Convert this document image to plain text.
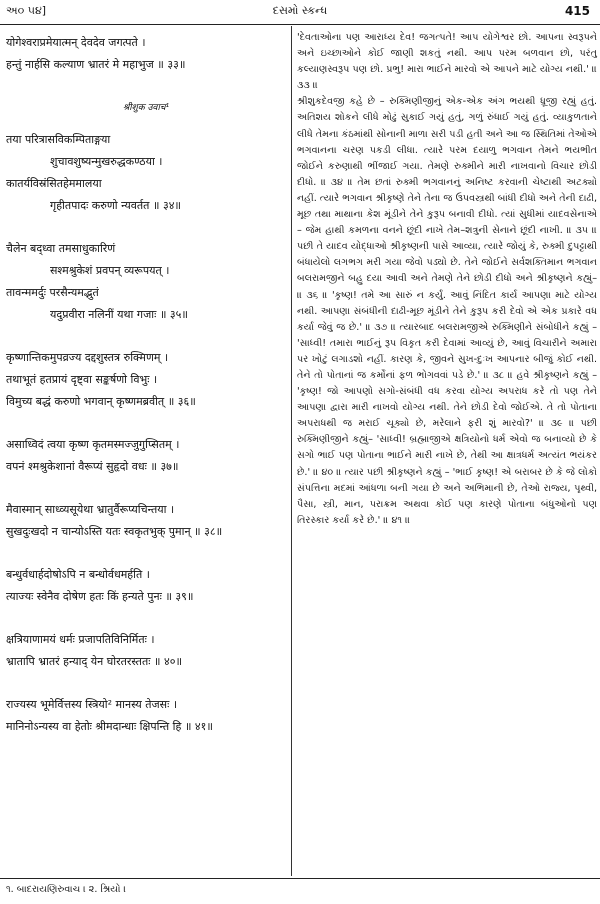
અ૦ ૫૪]	દસમો સ્કન્ધ	415
योगेश्वराप्रमेयात्मन् देवदेव जगत्पते ।
हन्तुं नार्हसि कल्याण भ्रातरं मे महाभुज ॥ ३३॥
श्रीशुक उवाच¹
तया परित्रासविकम्पिताङ्गया
शुचावशुष्यन्मुखरुद्धकण्ठया ।
कातर्यविस्रंसितहेममालया
गृहीतपादः करुणो न्यवर्तत ॥ ३४॥
चैलेन बद्ध्वा तमसाधुकारिणं
सश्मश्रुकेशं प्रवपन् व्यरूपयत् ।
तावन्ममर्दुः परसैन्यमद्भुतं
यदुप्रवीरा नलिनीं यथा गजाः ॥ ३५॥
कृष्णान्तिकमुपव्रज्य दद्दशुस्तत्र रुक्मिणम् ।
तथाभूतं हतप्रायं दृष्ट्वा सङ्कर्षणो विभुः ।
विमुच्य बद्धं करुणो भगवान् कृष्णमब्रवीत् ॥ ३६॥
असाध्विदं त्वया कृष्ण कृतमस्मज्जुगुप्सितम् ।
वपनं श्मश्रुकेशानां वैरूप्यं सुहृदो वधः ॥ ३७॥
मैवास्मान् साध्व्यसूयेथा भ्रातुर्वैरूप्यचिन्तया ।
सुखदुःखदो न चान्योऽस्ति यतः स्वकृतभुक् पुमान् ॥ ३८॥
बन्धुर्वधार्हदोषोऽपि न बन्धोर्वधमर्हति ।
त्याज्यः स्वेनैव दोषेण हतः किं हन्यते पुनः ॥ ३९॥
क्षत्रियाणामयं धर्मः प्रजापतिविनिर्मितः ।
भ्रातापि भ्रातरं हन्याद् येन घोरतरस्ततः ॥ ४०॥
राज्यस्य भूमेर्वित्तस्य स्त्रियो² मानस्य तेजसः ।
मानिनोऽन्यस्य वा हेतोः श्रीमदान्धाः क्षिपन्ति हि ॥ ४१॥

'દેવતાઓના પણ આરાધ્ય દેવ! જગત્પતે! આપ યોગેશ્વર છો. આપના સ્વરૂપને અને ઇચ્છાઓને કોઈ જાણી શકતું નથી. આપ પરમ બળવાન છો, પરંતુ કલ્યાણસ્વરૂપ પણ છો. પ્રભુ! મારા ભાઈને મારવો એ આપને માટે યોગ્ય નથી.' ॥ ૩૩ ॥

શ્રીશુકદેવજી કહે છે – રુક્મિણીજીનું એક-એક અંગ ભયથી ધ્રૂજી રહ્યું હતું. અતિશય શોકને લીધે મોઢું સુકાઈ ગયું હતું, ગળું રુંધાઈ ગયું હતું. વ્યાકુળતાને લીધે તેમના કંઠમાંથી સોનાની માળા સરી પડી હતી અને આ જ સ્થિતિમાં તેઓએ ભગવાનના ચરણ પકડી લીધા. ત્યારે પરમ દયાળુ ભગવાન તેમને ભયભીત જોઈને કરુણાથી ભીંજાઈ ગયા. તેમણે રુક્મીને મારી નાખવાનો વિચાર છોડી દીધો. ॥ ૩૪ ॥ તેમ છતાં રુક્મી ભગવાનનું અનિષ્ટ કરવાની ચેષ્ટાથી અટક્યો નહીં. ત્યારે ભગવાન શ્રીકૃષ્ણે તેને તેના જ ઉપવસ્ત્રથી બાંધી દીધો અને તેની દાઢી, મૂછ તથા માથાના કેશ મૂંડીને તેને કુરૂપ બનાવી દીધો. ત્યાં સુધીમાં યાદવસેનાએ – જેમ હાથી કમળના વનને છૂંદી નાખે તેમ–શત્રુની સેનાને છૂંદી નાખી. ॥ ૩૫ ॥ પછી તે યાદવ યોદ્ધાઓ શ્રીકૃષ્ણની પાસે આવ્યા, ત્યારે જોયું કે, રુક્મી દુપટ્ટાથી બંધાયેલો લગભગ મરી ગયા જેવો પડ્યો છે. તેને જોઈને સર્વશક્તિમાન ભગવાન બલરામજીને બહુ દયા આવી અને તેમણે તેને છોડી દીધો અને શ્રીકૃષ્ણને કહ્યું– ॥ ૩૬ ॥ 'કૃષ્ણ! તમે આ સારું ન કર્યું. આવું નિંદિત કાર્ય આપણા માટે યોગ્ય નથી. આપણા સંબંધીની દાઢી-મૂછ મૂંડીને તેને કુરૂપ કરી દેવો એ એક પ્રકારે વધ કર્યા જેવું જ છે.' ॥ ૩૭ ॥ ત્યારબાદ બલરામજીએ રુક્મિણીને સંબોધીને કહ્યું – 'સાધ્વી! તમારા ભાઈનું રૂપ વિકૃત કરી દેવામાં આવ્યું છે, આવું વિચારીને અમારા પર ખોટું લગાડશો નહીં. કારણ કે, જીવને સુખ-દુઃખ આપનાર બીજું કોઈ નથી. તેને તો પોતાનાં જ કર્મોનાં ફળ ભોગવવાં પડે છે.' ॥ ૩૮ ॥ હવે શ્રીકૃષ્ણને કહ્યું – 'કૃષ્ણ! જો આપણો સગો-સંબંધી વધ કરવા યોગ્ય અપરાધ કરે તો પણ તેને આપણા દ્વારા મારી નાખવો યોગ્ય નથી. તેને છોડી દેવો જોઈએ. તે તો પોતાના અપરાધથી જ મરાઈ ચૂક્યો છે, મરેલાને ફરી શું મારવો?' ॥ ૩૯ ॥ પછી રુક્મિણીજીને કહ્યું– 'સાધ્વી! બ્રહ્માજીએ ક્ષત્રિયોનો ધર્મ એવો જ બનાવ્યો છે કે સગો ભાઈ પણ પોતાના ભાઈને મારી નાખે છે, તેથી આ ક્ષાત્રધર્મ અત્યંત ભયંકર છે.' ॥ ૪૦ ॥ ત્યાર પછી શ્રીકૃષ્ણને કહ્યું – 'ભાઈ કૃષ્ણ! એ બરાબર છે કે જે લોકો સંપત્તિના મદમાં આંધળા બની ગયા છે અને અભિમાની છે, તેઓ રાજ્ય, પૃથ્વી, પૈસા, સ્ત્રી, માન, પરાક્રમ અથવા કોઈ પણ કારણે પોતાના બંધુઓનો પણ તિરસ્કાર કર્યા કરે છે.' ॥ ૪૧ ॥

૧. બાદરાયણિરુવાચ । ૨. શ્રિયો ।
